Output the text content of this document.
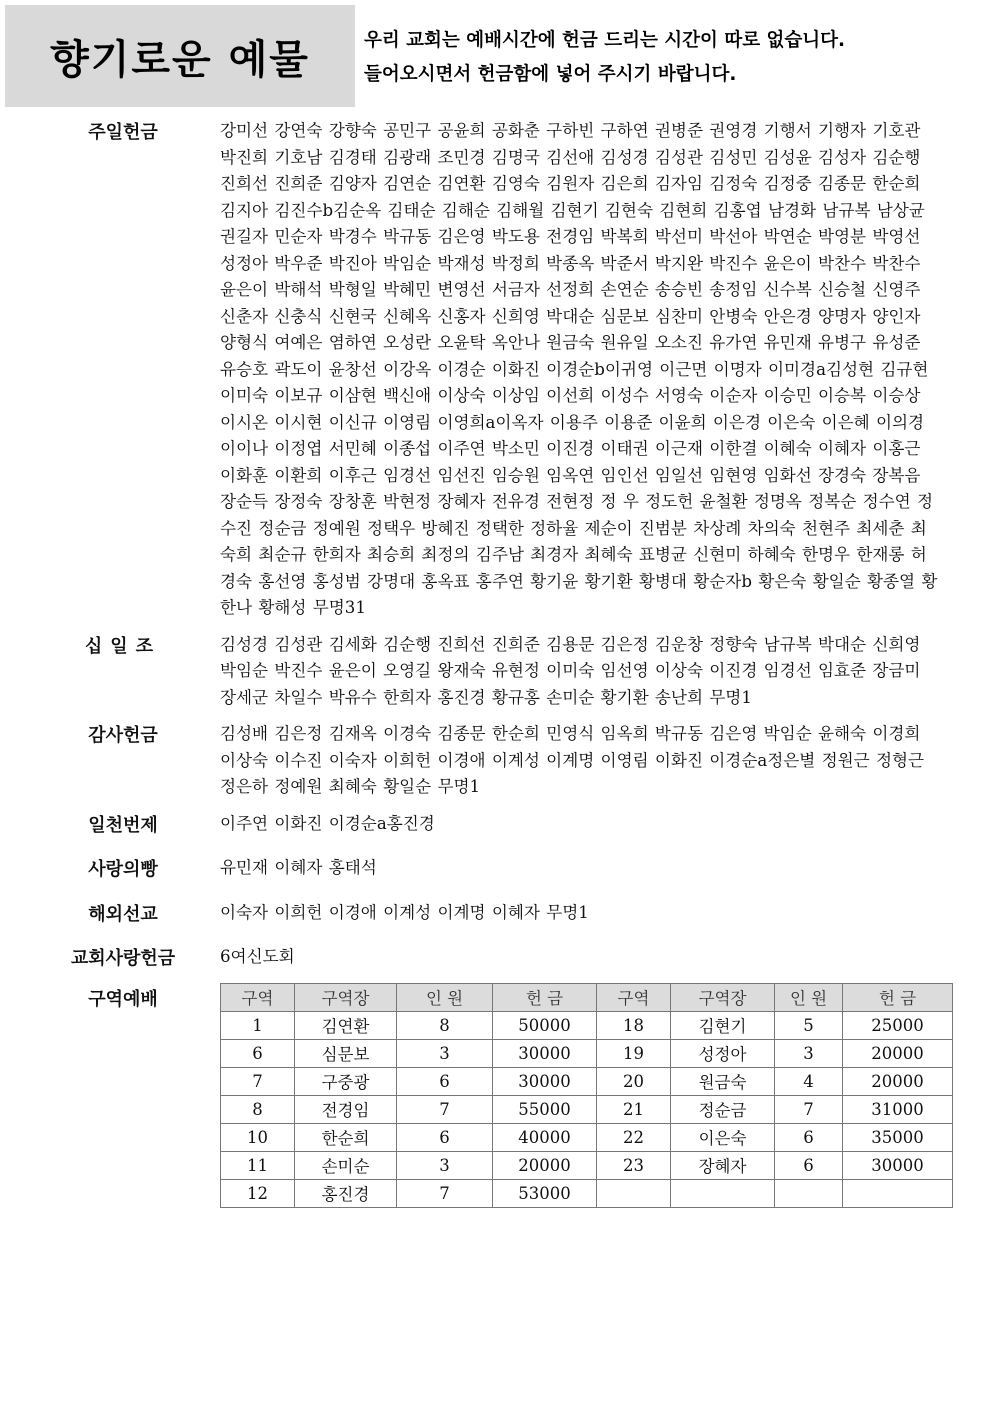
향기로운 예물	우리 교회는 예배시간에 헌금 드리는 시간이 따로 없습니다.
들어오시면서 헌금함에 넣어 주시기 바랍니다.
주일헌금	강미선 강연숙 강향숙 공민구 공윤희 공화춘 구하빈 구하연 권병준 권영경 기행서 기행자 기호관 박진희 기호남 김경태 김광래 조민경 김명국 김선애 김성경 김성관 김성민 김성윤 김성자 김순행 진희선 진희준 김양자 김연순 김연환 김영숙 김원자 김은희 김자임 김정숙 김정중 김종문 한순희 김지아 김진수b김순옥 김태순 김해순 김해월 김현기 김현숙 김현희 김홍엽 남경화 남규복 남상균 권길자 민순자 박경수 박규동 김은영 박도용 전경임 박복희 박선미 박선아 박연순 박영분 박영선 성정아 박우준 박진아 박임순 박재성 박정희 박종옥 박준서 박지완 박진수 윤은이 박찬수 박찬수 윤은이 박해석 박형일 박혜민 변영선 서금자 선정희 손연순 송승빈 송정임 신수복 신승철 신영주 신춘자 신충식 신현국 신혜옥 신홍자 신희영 박대순 심문보 심찬미 안병숙 안은경 양명자 양인자 양형식 여예은 염하연 오성란 오윤탁 옥안나 원금숙 원유일 오소진 유가연 유민재 유병구 유성준 유승호 곽도이 윤창선 이강옥 이경순 이화진 이경순b이귀영 이근면 이명자 이미경a김성현 김규현 이미숙 이보규 이삼현 백신애 이상숙 이상임 이선희 이성수 서영숙 이순자 이승민 이승복 이승상 이시온 이시현 이신규 이영림 이영희a이옥자 이용주 이용준 이윤희 이은경 이은숙 이은혜 이의경 이이나 이정엽 서민혜 이종섭 이주연 박소민 이진경 이태권 이근재 이한결 이혜숙 이혜자 이홍근 이화훈 이환희 이후근 임경선 임선진 임승원 임옥연 임인선 임일선 임현영 임화선 장경숙 장복음 장순득 장정숙 장창훈 박현정 장혜자 전유경 전현정 정 우 정도헌 윤철환 정명옥 정복순 정수연 정수진 정순금 정예원 정택우 방혜진 정택한 정하율 제순이 진범분 차상례 차의숙 천현주 최세춘 최숙희 최순규 한희자 최승희 최정의 김주남 최경자 최혜숙 표병균 신현미 하혜숙 한명우 한재롱 허경숙 홍선영 홍성범 강명대 홍옥표 홍주연 황기윤 황기환 황병대 황순자b 황은숙 황일순 황종열 황한나 황해성 무명31
십일조	김성경 김성관 김세화 김순행 진희선 진희준 김용문 김은정 김운창 정향숙 남규복 박대순 신희영 박임순 박진수 윤은이 오영길 왕재숙 유현정 이미숙 임선영 이상숙 이진경 임경선 임효준 장금미 장세군 차일수 박유수 한희자 홍진경 황규홍 손미순 황기환 송난희 무명1
감사헌금	김성배 김은정 김재옥 이경숙 김종문 한순희 민영식 임옥희 박규동 김은영 박임순 윤해숙 이경희 이상숙 이수진 이숙자 이희헌 이경애 이계성 이계명 이영림 이화진 이경순a정은별 정원근 정형근 정은하 정예원 최혜숙 황일순 무명1
일천번제	이주연 이화진 이경순a홍진경
사랑의빵	유민재 이혜자 홍태석
해외선교	이숙자 이희헌 이경애 이계성 이계명 이혜자 무명1
교회사랑헌금	6여신도회
구역예배	구역	구역장	인 원	헌 금	구역	구역장	인 원	헌 금
1	김연환	8	50000	18	김현기	5	25000
6	심문보	3	30000	19	성정아	3	20000
7	구중광	6	30000	20	원금숙	4	20000
8	전경임	7	55000	21	정순금	7	31000
10	한순희	6	40000	22	이은숙	6	35000
11	손미순	3	20000	23	장혜자	6	30000
12	홍진경	7	53000				
